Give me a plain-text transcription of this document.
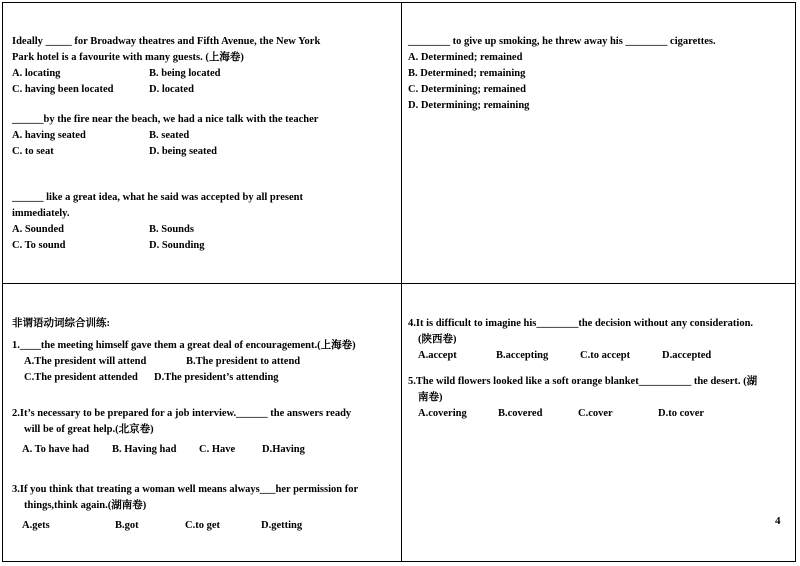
Ideally _____ for Broadway theatres and Fifth Avenue, the New York

Park hotel is a favourite with many guests. (上海卷)

A. locating	B. being located
C. having been located	D. located

______by the fire near the beach, we had a nice talk with the teacher

A. having seated	B. seated
C. to seat	D. being seated

______ like a great idea, what he said was accepted by all present

immediately.

A. Sounded	B. Sounds
C. To sound	D. Sounding

________ to give up smoking, he threw away his ________ cigarettes.

A. Determined; remained

B. Determined; remaining

C. Determining; remained

D. Determining; remaining

非谓语动词综合训练:

1.____the meeting himself gave them a great deal of encouragement.(上海卷)

A.The president will attend	B.The president to attend
C.The president attended	D.The president’s attending

2.It’s necessary to be prepared for a job interview.______ the answers ready

will be of great help.(北京卷)

A. To have had	B. Having had	C. Have	D.Having

3.If you think that treating a woman well means always___her permission for

things,think again.(湖南卷)

A.gets	B.got	C.to get	D.getting

4.It is difficult to imagine his________the decision without any consideration.

(陕西卷)

A.accept	B.accepting	C.to accept	D.accepted

5.The wild flowers looked like a soft orange blanket__________ the desert. (湖

南卷)

A.covering	B.covered	C.cover	D.to cover
4
